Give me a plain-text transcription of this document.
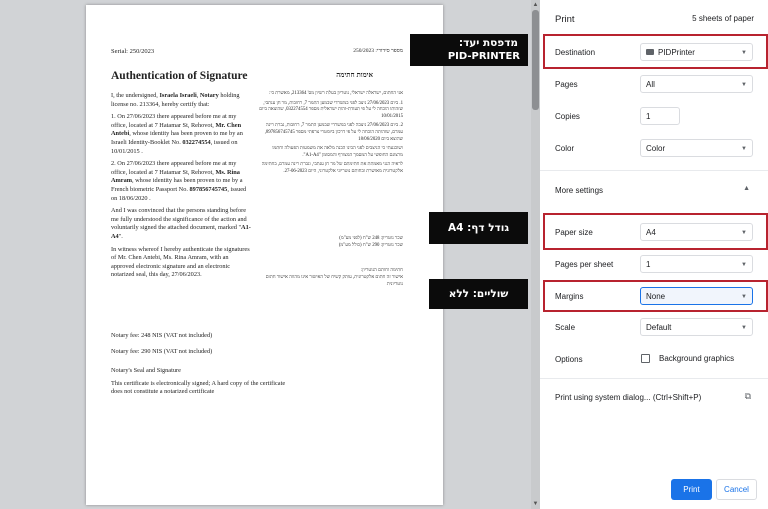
Serial: 250/2023	מספר סידורי: 250/2023
Authentication of Signature	אימות חתימה

I, the undersigned, Israela Israeli, Notary holding license no. 213364, hereby certify that:

1. On 27/06/2023 there appeared before me at my office, located at 7 Hatamar St, Rehovot, Mr. Chen Antebi, whose identity has been proven to me by an Israeli Identity-Booklet No. 032274554, issued on 10/01/2015 .

2. On 27/06/2023 there appeared before me at my office, located at 7 Hatamar St, Rehovot, Ms. Rina Amram, whose identity has been proven to me by a French biometric Passport No. 897856745745, issued on 18/06/2020 .

And I was convinced that the persons standing before me fully understood the significance of the action and voluntarily signed the attached document, marked "A1-A4".

In witness whereof I hereby authenticate the signatures of Mr. Chen Antebi, Ms. Rina Amram, with an approved electronic signature and an electronic notarized seal, this day, 27/06/2023.

אני החתום, ישראלה ישראלי, נוטריון בעלת רשיון מס' 213364, מאשרת כי:

1. ביום 27/06/2023 ניצב לפני במשרדי שבמען התמר 7, רחובות, מר חן ענתבי, שזהותו הוכחה לי על פי תעודת-זהות ישראלית מספר 032274554, שהוצאה ביום 10/01/2015

2. ביום 27/06/2023 ניצבה לפני במשרדי שבמען התמר 7, רחובות, גברת רינה עמרם, שזהותה הוכחה לי על פי דרכון ביומטרי צרפתי מספר 897856745745, שהוצא ביום 18/06/2020

ושוכנעתי כי הניצבים לפני הבינו הבנה מלאה את משמעות הפעולה וחתמו מרצונם החופשי על המסמך המצורף והמסומן "A1-A4".

לראיה הנני מאמתת את חתימתם של מר חן ענתבי, וגברת רינה עמרם, בחתימה אלקטרונית מאושרת ובחותם נוטריוני אלקטרוני, היום 27-06-2023.

שכר נוטריון: 248 ש"ח (לפני מע"מ)
שכר נוטריון: 290 ש"ח (כולל מע"מ)
חתימה וחותם הנוטריון:
אישור זה חתום אלקטרונית, עותק קשיח של האישור אינו מהווה אישור חתום נוטריונית
Notary fee: 248 NIS (VAT not included)
Notary fee: 290 NIS (VAT not included)

Notary's Seal and Signature

This certificate is electronically signed; A hard copy of the certificate does not constitute a notarized certificate

▲
▼
מדפסת יעד:
PID-PRINTER
גודל דף: A4
שוליים: ללא
Print	5 sheets of paper
Destination	PIDPrinter	▼
Pages	All	▼
Copies	1
Color	Color	▼
More settings	▲
Paper size	A4	▼
Pages per sheet	1	▼
Margins	None	▼
Scale	Default	▼
Options	Background graphics
Print using system dialog... (Ctrl+Shift+P)	⧉
Print	Cancel
